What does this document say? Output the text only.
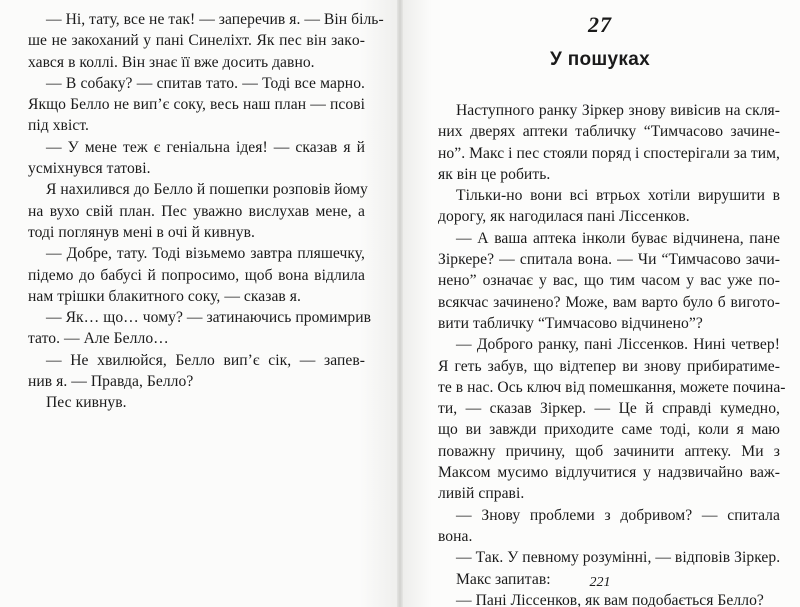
— Ні, тату, все не так! — заперечив я. — Він біль-
ше не закоханий у пані Синеліхт. Як пес він закo-
хався в коллі. Він знає її вже досить давно.
— В собаку? — спитав тато. — Тоді все марно.
Якщо Белло не вип’є соку, весь наш план — псові
під хвіст.
— У мене теж є геніальна ідея! — сказав я й
усміхнувся татові.
Я нахилився до Белло й пошепки розповів йому
на вухо свій план. Пес уважно вислухав мене, а
тоді поглянув мені в очі й кивнув.
— Добре, тату. Тоді візьмемо завтра пляшечку,
підемо до бабусі й попросимо, щоб вона відлила
нам трішки блакитного соку, — сказав я.
— Як… що… чому? — затинаючись промимрив
тато. — Але Белло…
— Не хвилюйся, Белло вип’є сік, — запев-
нив я. — Правда, Белло?
Пес кивнув.
27
У пошуках
Наступного ранку Зіркер знову вивісив на скля-
них дверях аптеки табличку “Тимчасово зачине-
но”. Макс і пес стояли поряд і спостерігали за тим,
як він це робить.
Тільки-но вони всі втрьох хотіли вирушити в
дорогу, як нагодилася пані Ліссенков.
— А ваша аптека інколи буває відчинена, пане
Зіркере? — спитала вона. — Чи “Тимчасово зачи-
нено” означає у вас, що тим часом у вас уже по-
всякчас зачинено? Може, вам варто було б виготo-
вити табличку “Тимчасово відчинено”?
— Доброго ранку, пані Ліссенков. Нині четвер!
Я геть забув, що відтепер ви знову прибиратиме-
те в нас. Ось ключ від помешкання, можете почина-
ти, — сказав Зіркер. — Це й справді кумедно,
що ви завжди приходите саме тоді, коли я маю
поважну причину, щоб зачинити аптеку. Ми з
Максом мусимо відлучитися у надзвичайно важ-
ливій справі.
— Знову проблеми з добривом? — спитала
вона.
— Так. У певному розумінні, — відповів Зіркер.
Макс запитав:
— Пані Ліссенков, як вам подобається Белло?
221
